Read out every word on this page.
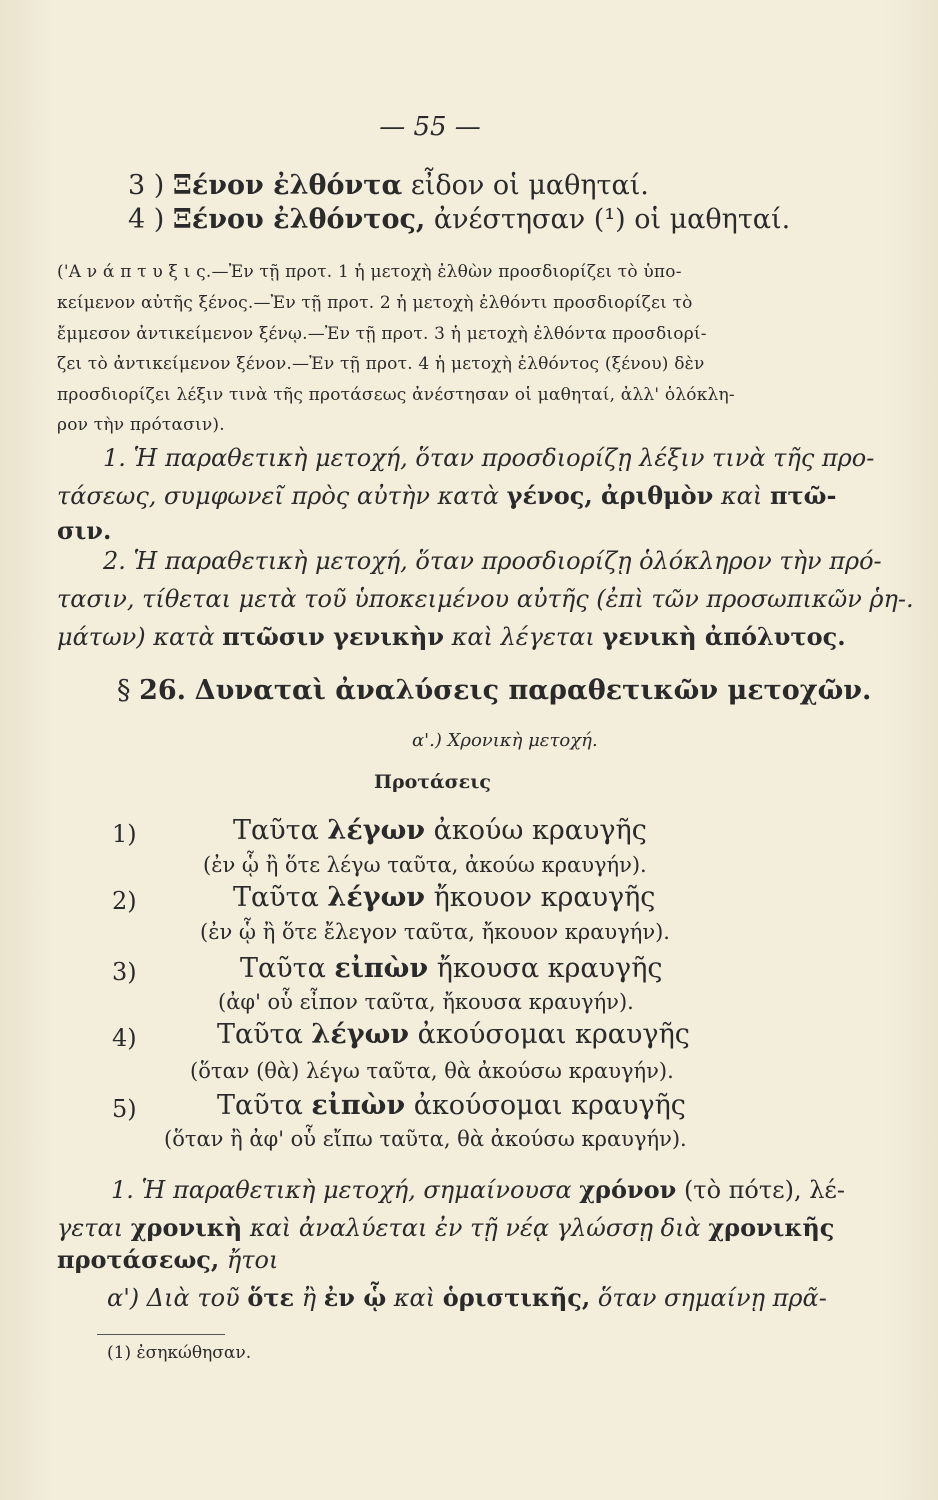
— 55 —
3 ) Ξένον ἐλθόντα εἶδον οἱ μαθηταί.
4 ) Ξένου ἐλθόντος, ἀνέστησαν (¹) οἱ μαθηταί.
('Α ν ά π τ υ ξ ι ς.—Ἐν τῇ προτ. 1 ἡ μετοχὴ ἐλθὼν προσδιορίζει τὸ ὑπο-
κείμενον αὐτῆς ξένος.—Ἐν τῇ προτ. 2 ἡ μετοχὴ ἐλθόντι προσδιορίζει τὸ
ἔμμεσον ἀντικείμενον ξένῳ.—Ἐν τῇ προτ. 3 ἡ μετοχὴ ἐλθόντα προσδιορί-
ζει τὸ ἀντικείμενον ξένον.—Ἐν τῇ προτ. 4 ἡ μετοχὴ ἐλθόντος (ξένου) δὲν
προσδιορίζει λέξιν τινὰ τῆς προτάσεως ἀνέστησαν οἱ μαθηταί, ἀλλ' ὁλόκλη-
ρον τὴν πρότασιν).
1. Ἡ παραθετικὴ μετοχή, ὅταν προσδιορίζῃ λέξιν τινὰ τῆς προ-
τάσεως, συμφωνεῖ πρὸς αὐτὴν κατὰ γένος, ἀριθμὸν καὶ πτῶ-
σιν.
2. Ἡ παραθετικὴ μετοχή, ὅταν προσδιορίζῃ ὁλόκληρον τὴν πρό-
τασιν, τίθεται μετὰ τοῦ ὑποκειμένου αὐτῆς (ἐπὶ τῶν προσωπικῶν ῥη-.
μάτων) κατὰ πτῶσιν γενικὴν καὶ λέγεται γενικὴ ἀπόλυτος.
§ 26. Δυναταὶ ἀναλύσεις παραθετικῶν μετοχῶν.
α'.) Χρονικὴ μετοχή.
Προτάσεις
1)	Ταῦτα λέγων ἀκούω κραυγῆς
(ἐν ᾧ ἢ ὅτε λέγω ταῦτα, ἀκούω κραυγήν).
2)	Ταῦτα λέγων ἤκουον κραυγῆς
(ἐν ᾧ ἢ ὅτε ἔλεγον ταῦτα, ἤκουον κραυγήν).
3)	Ταῦτα εἰπὼν ἤκουσα κραυγῆς
(ἀφ' οὗ εἶπον ταῦτα, ἤκουσα κραυγήν).
4)	Ταῦτα λέγων ἀκούσομαι κραυγῆς
(ὅταν (θὰ) λέγω ταῦτα, θὰ ἀκούσω κραυγήν).
5)	Ταῦτα εἰπὼν ἀκούσομαι κραυγῆς
(ὅταν ἢ ἀφ' οὗ εἴπω ταῦτα, θὰ ἀκούσω κραυγήν).
1. Ἡ παραθετικὴ μετοχή, σημαίνουσα χρόνον (τὸ πότε), λέ-
γεται χρονικὴ καὶ ἀναλύεται ἐν τῇ νέᾳ γλώσσῃ διὰ χρονικῆς
προτάσεως, ἤτοι
α') Διὰ τοῦ ὅτε ἢ ἐν ᾧ καὶ ὁριστικῆς, ὅταν σημαίνῃ πρᾶ-
(1) ἐσηκώθησαν.
